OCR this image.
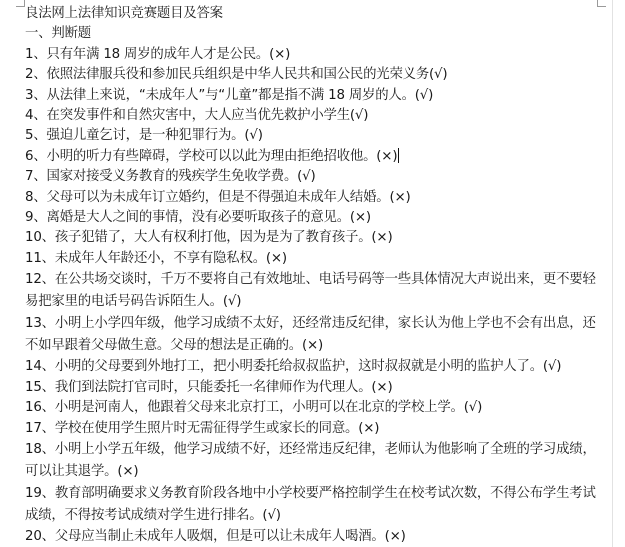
良法网上法律知识竞赛题目及答案
一、判断题
1、只有年满 18 周岁的成年人才是公民。(×)
2、依照法律服兵役和参加民兵组织是中华人民共和国公民的光荣义务(√)
3、从法律上来说，“未成年人”与“儿童”都是指不满 18 周岁的人。(√)
4、在突发事件和自然灾害中，大人应当优先救护小学生(√)
5、强迫儿童乞讨，是一种犯罪行为。(√)
6、小明的听力有些障碍，学校可以以此为理由拒绝招收他。(×)
7、国家对接受义务教育的残疾学生免收学费。(√)
8、父母可以为未成年订立婚约，但是不得强迫未成年人结婚。(×)
9、离婚是大人之间的事情，没有必要听取孩子的意见。(×)
10、孩子犯错了，大人有权利打他，因为是为了教育孩子。(×)
11、未成年人年龄还小，不享有隐私权。(×)
12、在公共场交谈时，千万不要将自己有效地址、电话号码等一些具体情况大声说出来，更不要轻易把家里的电话号码告诉陌生人。(√)
13、小明上小学四年级，他学习成绩不太好，还经常违反纪律，家长认为他上学也不会有出息，还不如早跟着父母做生意。父母的想法是正确的。(×)
14、小明的父母要到外地打工，把小明委托给叔叔监护，这时叔叔就是小明的监护人了。(√)
15、我们到法院打官司时，只能委托一名律师作为代理人。(×)
16、小明是河南人，他跟着父母来北京打工，小明可以在北京的学校上学。(√)
17、学校在使用学生照片时无需征得学生或家长的同意。(×)
18、小明上小学五年级，他学习成绩不好，还经常违反纪律，老师认为他影响了全班的学习成绩，可以让其退学。(×)
19、教育部明确要求义务教育阶段各地中小学校要严格控制学生在校考试次数，不得公布学生考试成绩，不得按考试成绩对学生进行排名。(√)
20、父母应当制止未成年人吸烟，但是可以让未成年人喝酒。(×)
